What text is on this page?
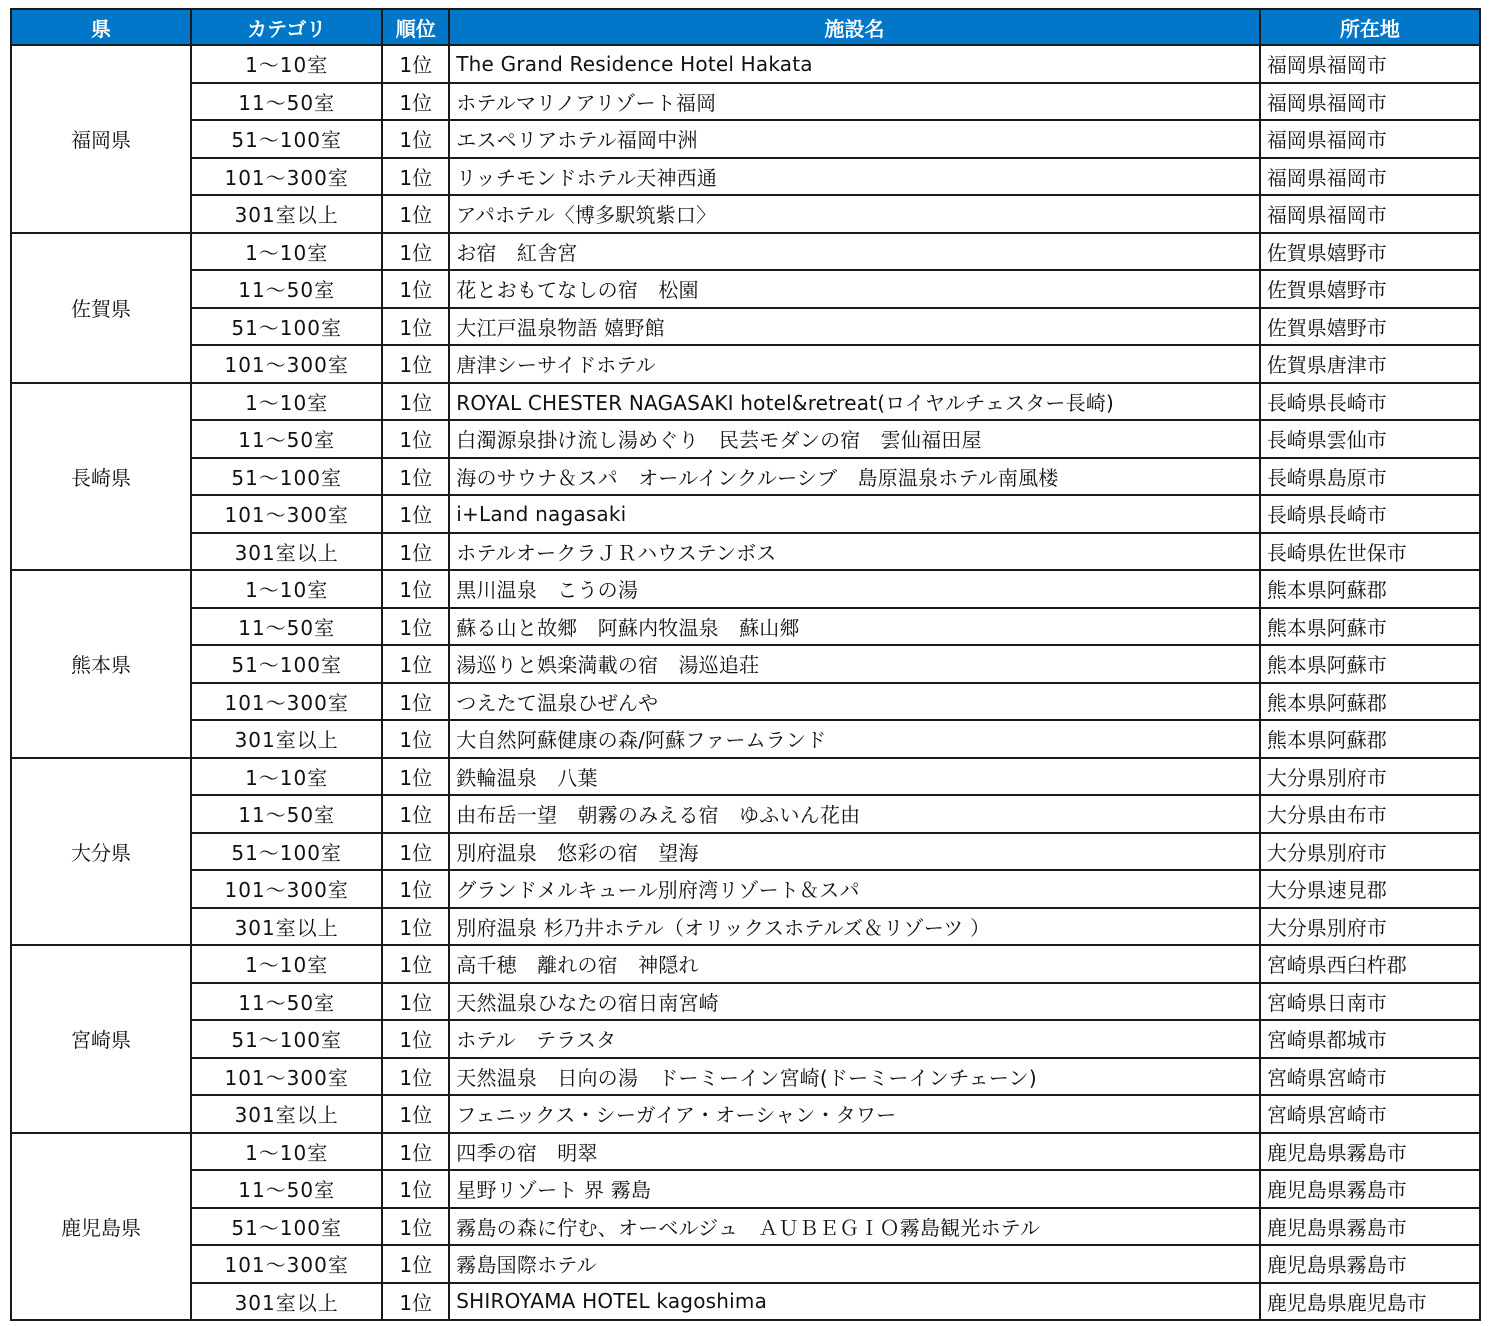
県	カテゴリ	順位	施設名	所在地
福岡県	1～10室	1位	The Grand Residence Hotel Hakata	福岡県福岡市
	11～50室	1位	ホテルマリノアリゾート福岡	福岡県福岡市
	51～100室	1位	エスペリアホテル福岡中洲	福岡県福岡市
	101～300室	1位	リッチモンドホテル天神西通	福岡県福岡市
	301室以上	1位	アパホテル〈博多駅筑紫口〉	福岡県福岡市
佐賀県	1～10室	1位	お宿　紅舎宮	佐賀県嬉野市
	11～50室	1位	花とおもてなしの宿　松園	佐賀県嬉野市
	51～100室	1位	大江戸温泉物語 嬉野館	佐賀県嬉野市
	101～300室	1位	唐津シーサイドホテル	佐賀県唐津市
長崎県	1～10室	1位	ROYAL CHESTER NAGASAKI hotel&retreat(ロイヤルチェスター長崎)	長崎県長崎市
	11～50室	1位	白濁源泉掛け流し湯めぐり　民芸モダンの宿　雲仙福田屋	長崎県雲仙市
	51～100室	1位	海のサウナ＆スパ　オールインクルーシブ　島原温泉ホテル南風楼	長崎県島原市
	101～300室	1位	i+Land nagasaki	長崎県長崎市
	301室以上	1位	ホテルオークラＪＲハウステンボス	長崎県佐世保市
熊本県	1～10室	1位	黒川温泉　こうの湯	熊本県阿蘇郡
	11～50室	1位	蘇る山と故郷　阿蘇内牧温泉　蘇山郷	熊本県阿蘇市
	51～100室	1位	湯巡りと娯楽満載の宿　湯巡追荘	熊本県阿蘇市
	101～300室	1位	つえたて温泉ひぜんや	熊本県阿蘇郡
	301室以上	1位	大自然阿蘇健康の森/阿蘇ファームランド	熊本県阿蘇郡
大分県	1～10室	1位	鉄輪温泉　八葉	大分県別府市
	11～50室	1位	由布岳一望　朝霧のみえる宿　ゆふいん花由	大分県由布市
	51～100室	1位	別府温泉　悠彩の宿　望海	大分県別府市
	101～300室	1位	グランドメルキュール別府湾リゾート＆スパ	大分県速見郡
	301室以上	1位	別府温泉 杉乃井ホテル（オリックスホテルズ＆リゾーツ ）	大分県別府市
宮崎県	1～10室	1位	高千穂　離れの宿　神隠れ	宮崎県西臼杵郡
	11～50室	1位	天然温泉ひなたの宿日南宮崎	宮崎県日南市
	51～100室	1位	ホテル　テラスタ	宮崎県都城市
	101～300室	1位	天然温泉　日向の湯　ドーミーイン宮崎(ドーミーインチェーン)	宮崎県宮崎市
	301室以上	1位	フェニックス・シーガイア・オーシャン・タワー	宮崎県宮崎市
鹿児島県	1～10室	1位	四季の宿　明翠	鹿児島県霧島市
	11～50室	1位	星野リゾート 界 霧島	鹿児島県霧島市
	51～100室	1位	霧島の森に佇む、オーベルジュ　ＡＵＢＥＧＩＯ霧島観光ホテル	鹿児島県霧島市
	101～300室	1位	霧島国際ホテル	鹿児島県霧島市
	301室以上	1位	SHIROYAMA HOTEL kagoshima	鹿児島県鹿児島市
